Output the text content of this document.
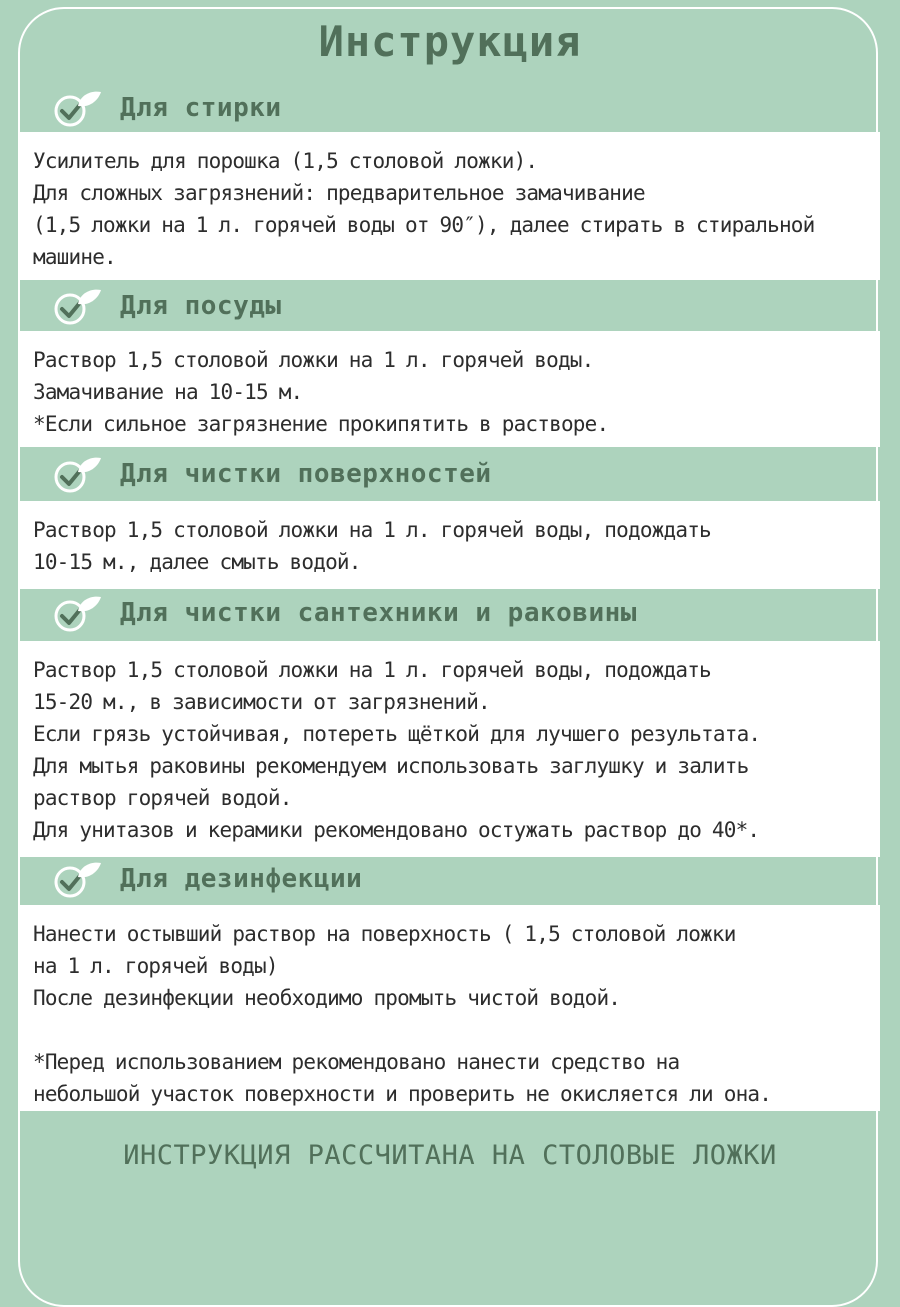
Инструкция
Для стирки
Усилитель для порошка (1,5 столовой ложки).
Для сложных загрязнений: предварительное замачивание
(1,5 ложки на 1 л. горячей воды от 90″), далее стирать в стиральной
машине.
Для посуды
Раствор 1,5 столовой ложки на 1 л. горячей воды.
Замачивание на 10-15 м.
*Если сильное загрязнение прокипятить в растворе.
Для чистки поверхностей
Раствор 1,5 столовой ложки на 1 л. горячей воды, подождать
10-15 м., далее смыть водой.
Для чистки сантехники и раковины
Раствор 1,5 столовой ложки на 1 л. горячей воды, подождать
15-20 м., в зависимости от загрязнений.
Если грязь устойчивая, потереть щёткой для лучшего результата.
Для мытья раковины рекомендуем использовать заглушку и залить
раствор горячей водой.
Для унитазов и керамики рекомендовано остужать раствор до 40*.
Для дезинфекции
Нанести остывший раствор на поверхность ( 1,5 столовой ложки
на 1 л. горячей воды)
После дезинфекции необходимо промыть чистой водой.
*Перед использованием рекомендовано нанести средство на
небольшой участок поверхности и проверить не окисляется ли она.
ИНСТРУКЦИЯ РАССЧИТАНА НА СТОЛОВЫЕ ЛОЖКИ
